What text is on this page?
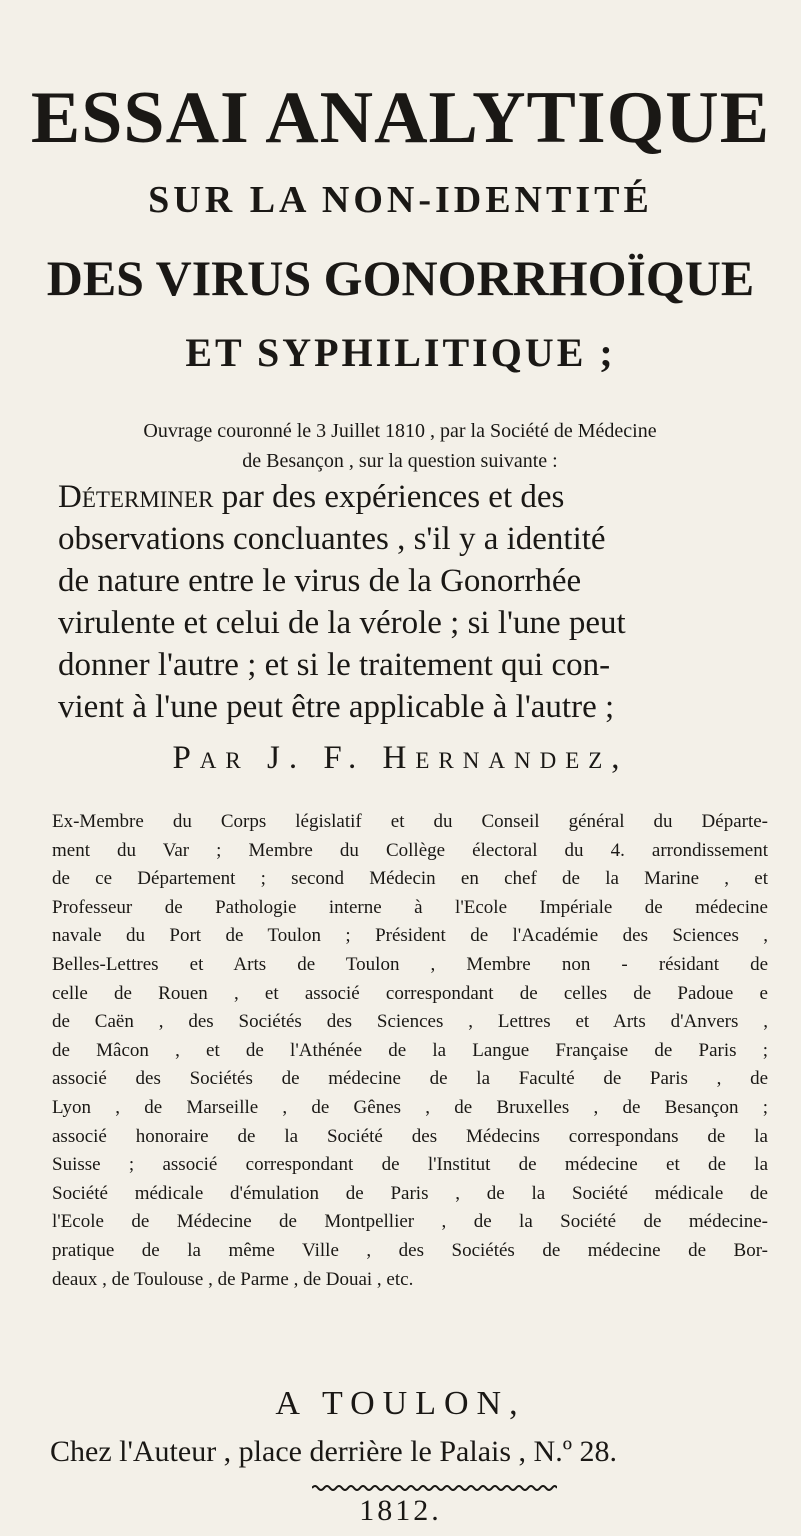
ESSAI ANALYTIQUE
SUR LA NON-IDENTITÉ
DES VIRUS GONORRHOÏQUE
ET SYPHILITIQUE ;
Ouvrage couronné le 3 Juillet 1810 , par la Société de Médecine
de Besançon , sur la question suivante :
Déterminer par des expériences et des
observations concluantes , s'il y a identité
de nature entre le virus de la Gonorrhée
virulente et celui de la vérole ; si l'une peut
donner l'autre ; et si le traitement qui con-
vient à l'une peut être applicable à l'autre ;
Par J. F. Hernandez,
Ex-Membre du Corps législatif et du Conseil général du Départe-
ment du Var ; Membre du Collège électoral du 4. arrondissement
de ce Département ; second Médecin en chef de la Marine , et
Professeur de Pathologie interne à l'Ecole Impériale de médecine
navale du Port de Toulon ; Président de l'Académie des Sciences ,
Belles-Lettres et Arts de Toulon , Membre non - résidant de
celle de Rouen , et associé correspondant de celles de Padoue e
de Caën , des Sociétés des Sciences , Lettres et Arts d'Anvers ,
de Mâcon , et de l'Athénée de la Langue Française de Paris ;
associé des Sociétés de médecine de la Faculté de Paris , de
Lyon , de Marseille , de Gênes , de Bruxelles , de Besançon ;
associé honoraire de la Société des Médecins correspondans de la
Suisse ; associé correspondant de l'Institut de médecine et de la
Société médicale d'émulation de Paris , de la Société médicale de
l'Ecole de Médecine de Montpellier , de la Société de médecine-
pratique de la même Ville , des Sociétés de médecine de Bor-
deaux , de Toulouse , de Parme , de Douai , etc.
A TOULON,
Chez l'Auteur , place derrière le Palais , N.º 28.
1812.
